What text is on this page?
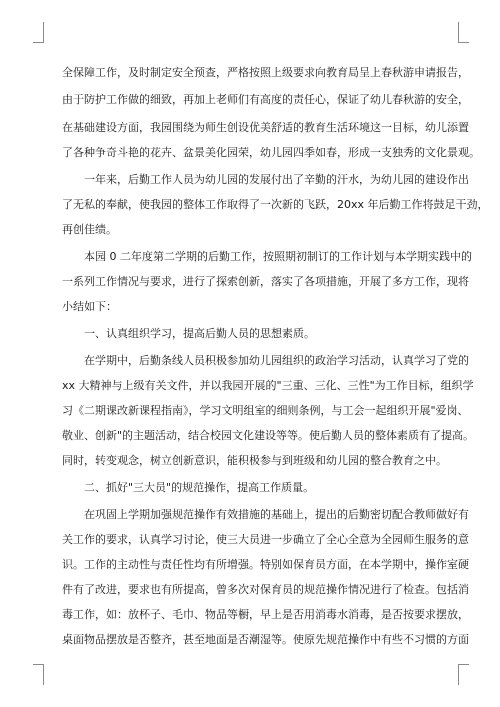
全保障工作，及时制定安全预查，严格按照上级要求向教育局呈上春秋游申请报告，
由于防护工作做的细致，再加上老师们有高度的责任心，保证了幼儿春秋游的安全，
在基础建设方面，我园围绕为师生创设优美舒适的教育生活环境这一目标，幼儿添置
了各种争奇斗艳的花卉、盆景美化园荣，幼儿园四季如春，形成一支独秀的文化景观。
一年来，后勤工作人员为幼儿园的发展付出了辛勤的汗水，为幼儿园的建设作出
了无私的奉献，使我园的整体工作取得了一次新的飞跃，20xx 年后勤工作将鼓足干劲，
再创佳绩。
本园 0 二年度第二学期的后勤工作，按照期初制订的工作计划与本学期实践中的
一系列工作情况与要求，进行了探索创新，落实了各项措施，开展了多方工作，现将
小结如下：
一、认真组织学习，提高后勤人员的思想素质。
在学期中，后勤条线人员积极参加幼儿园组织的政治学习活动，认真学习了党的
xx 大精神与上级有关文件，并以我园开展的"三重、三化、三性"为工作目标，组织学
习《二期课改新课程指南》，学习文明组室的细则条例，与工会一起组织开展"爱岗、
敬业、创新"的主题活动，结合校园文化建设等等。使后勤人员的整体素质有了提高。
同时，转变观念，树立创新意识，能积极参与到班级和幼儿园的整合教育之中。
二、抓好"三大员"的规范操作，提高工作质量。
在巩固上学期加强规范操作有效措施的基础上，提出的后勤密切配合教师做好有
关工作的要求，认真学习讨论，使三大员进一步确立了全心全意为全园师生服务的意
识。工作的主动性与责任性均有所增强。特别如保育员方面，在本学期中，操作室硬
件有了改进，要求也有所提高，曾多次对保育员的规范操作情况进行了检查。包括消
毒工作，如：放杯子、毛巾、物品等橱，早上是否用消毒水消毒，是否按要求摆放，
桌面物品摆放是否整齐，甚至地面是否潮湿等。使原先规范操作中有些不习惯的方面
